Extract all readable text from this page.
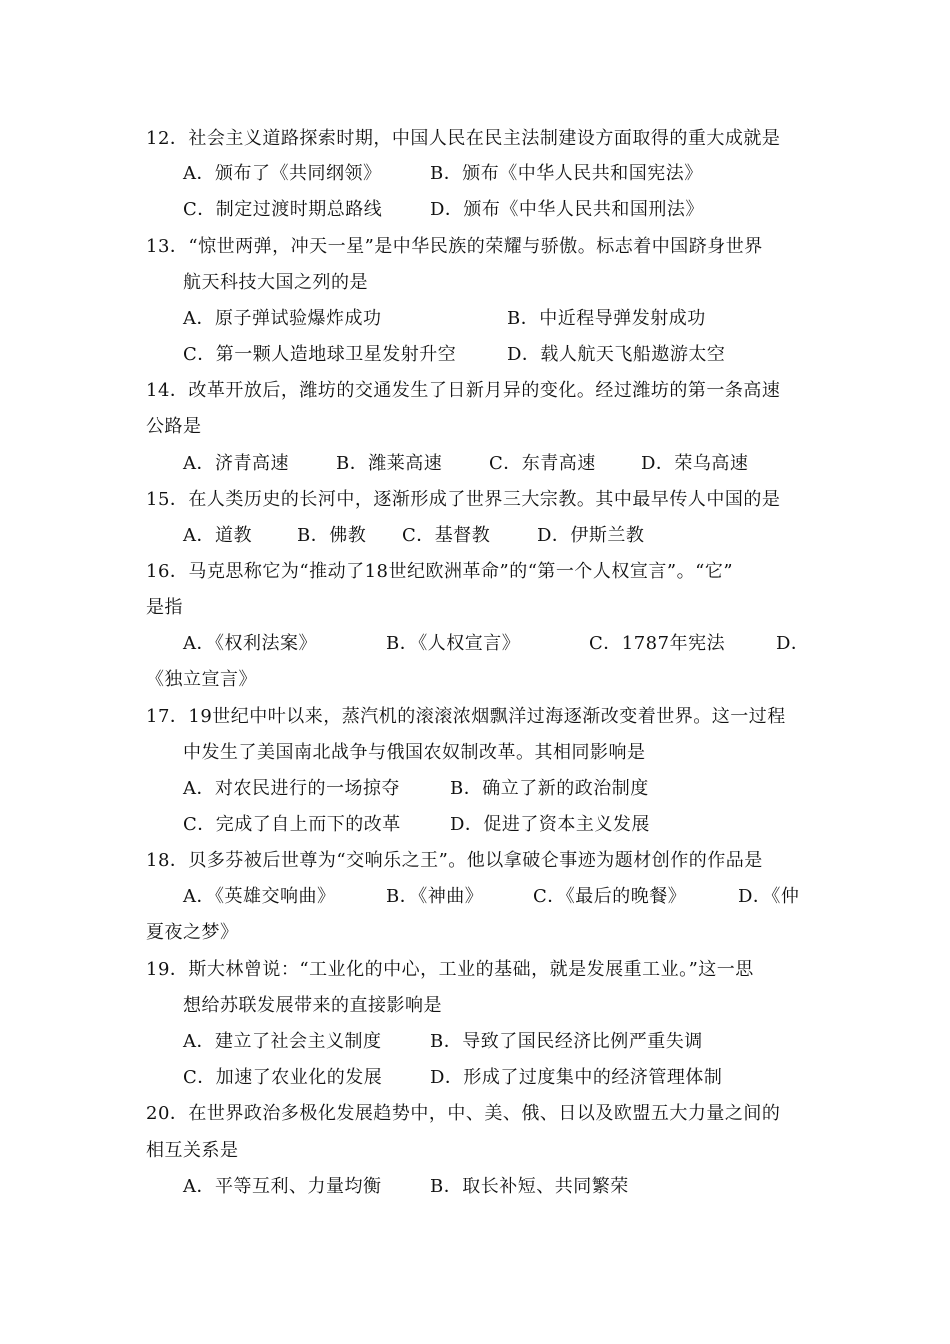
12．社会主义道路探索时期，中国人民在民主法制建设方面取得的重大成就是
A．颁布了《共同纲领》	B．颁布《中华人民共和国宪法》
C．制定过渡时期总路线	D．颁布《中华人民共和国刑法》
13．“惊世两弹，冲天一星”是中华民族的荣耀与骄傲。标志着中国跻身世界
航天科技大国之列的是
A．原子弹试验爆炸成功	B．中近程导弹发射成功
C．第一颗人造地球卫星发射升空	D．载人航天飞船遨游太空
14．改革开放后，潍坊的交通发生了日新月异的变化。经过潍坊的第一条高速
公路是
A．济青高速	B．潍莱高速	C．东青高速	D．荣乌高速
15．在人类历史的长河中，逐渐形成了世界三大宗教。其中最早传人中国的是
A．道教	B．佛教 C．基督教	D．伊斯兰教
16．马克思称它为“推动了18世纪欧洲革命”的“第一个人权宣言”。“它”
是指
A．《权利法案》	B．《人权宣言》	C．1787年宪法	D．
《独立宣言》
17．19世纪中叶以来，蒸汽机的滚滚浓烟飘洋过海逐渐改变着世界。这一过程
中发生了美国南北战争与俄国农奴制改革。其相同影响是
A．对农民进行的一场掠夺	B．确立了新的政治制度
C．完成了自上而下的改革	D．促进了资本主义发展
18．贝多芬被后世尊为“交响乐之王”。他以拿破仑事迹为题材创作的作品是
A．《英雄交响曲》	B．《神曲》	C．《最后的晚餐》	D．《仲
夏夜之梦》
19．斯大林曾说：“工业化的中心，工业的基础，就是发展重工业。”这一思
想给苏联发展带来的直接影响是
A．建立了社会主义制度	B．导致了国民经济比例严重失调
C．加速了农业化的发展	D．形成了过度集中的经济管理体制
20．在世界政治多极化发展趋势中，中、美、俄、日以及欧盟五大力量之间的
相互关系是
A．平等互利、力量均衡	B．取长补短、共同繁荣
